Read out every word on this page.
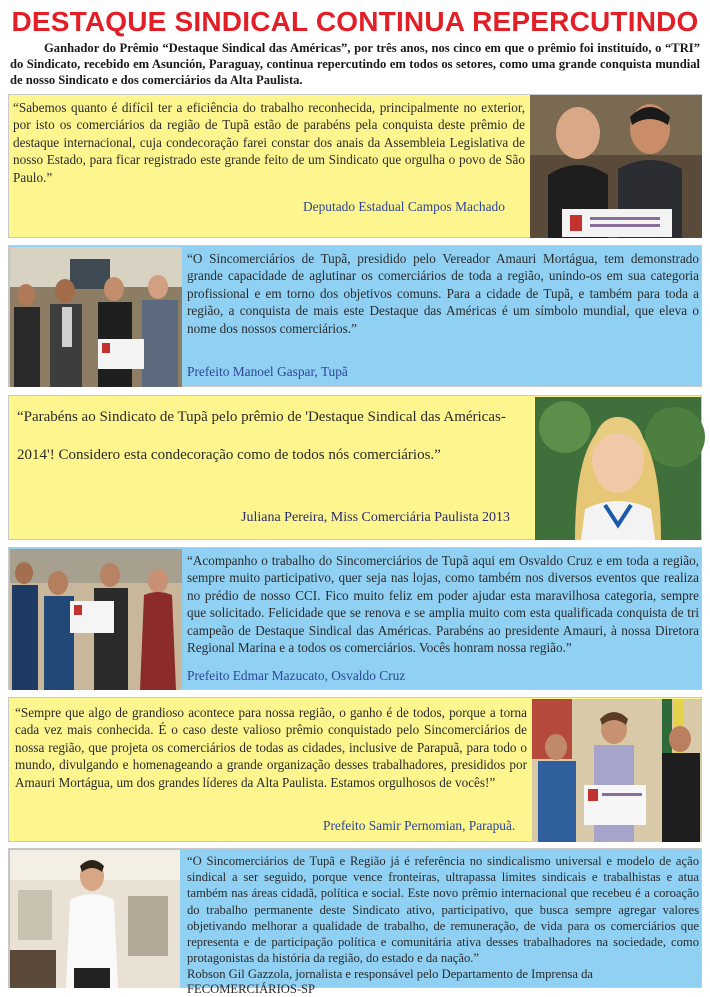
DESTAQUE SINDICAL CONTINUA REPERCUTINDO
Ganhador do Prêmio “Destaque Sindical das Américas”, por três anos, nos cinco em que o prêmio foi instituído, o “TRI” do Sindicato, recebido em Asunción, Paraguay, continua repercutindo em todos os setores, como uma grande conquista mundial de nosso Sindicato e dos comerciários da Alta Paulista.
“Sabemos quanto é difícil ter a eficiência do trabalho reconhecida, principalmente no exterior, por isto os comerciários da região de Tupã estão de parabéns pela conquista deste prêmio de destaque internacional, cuja condecoração farei constar dos anais da Assembleia Legislativa de nosso Estado, para ficar registrado este grande feito de um Sindicato que orgulha o povo de São Paulo.”
Deputado Estadual Campos Machado
“O Sincomerciários de Tupã, presidido pelo Vereador Amauri Mortágua, tem demonstrado grande capacidade de aglutinar os comerciários de toda a região, unindo-os em sua categoria profissional e em torno dos objetivos comuns. Para a cidade de Tupã, e também para toda a região, a conquista de mais este Destaque das Américas é um símbolo mundial, que eleva o nome dos nossos comerciários.”
Prefeito Manoel Gaspar, Tupã
“Parabéns ao Sindicato de Tupã pelo prêmio de 'Destaque Sindical das Américas-
2014'! Considero esta condecoração como de todos nós comerciários.”
Juliana Pereira, Miss Comerciária Paulista 2013
“Acompanho o trabalho do Sincomerciários de Tupã aqui em Osvaldo Cruz e em toda a região, sempre muito participativo, quer seja nas lojas, como também nos diversos eventos que realiza no prédio de nosso CCI. Fico muito feliz em poder ajudar esta maravilhosa categoria, sempre que solicitado. Felicidade que se renova e se amplia muito com esta qualificada conquista de tri campeão de Destaque Sindical das Américas. Parabéns ao presidente Amauri, à nossa Diretora Regional Marina e a todos os comerciários. Vocês honram nossa região.”
Prefeito Edmar Mazucato, Osvaldo Cruz
“Sempre que algo de grandioso acontece para nossa região, o ganho é de todos, porque a torna cada vez mais conhecida. É o caso deste valioso prêmio conquistado pelo Sincomerciários de nossa região, que projeta os comerciários de todas as cidades, inclusive de Parapuã, para todo o mundo, divulgando e homenageando a grande organização desses trabalhadores, presididos por Amauri Mortágua, um dos grandes líderes da Alta Paulista. Estamos orgulhosos de vocês!”
Prefeito Samir Pernomian, Parapuã.
“O Sincomerciários de Tupã e Região já é referência no sindicalismo universal e modelo de ação sindical a ser seguido, porque vence fronteiras, ultrapassa limites sindicais e trabalhistas e atua também nas áreas cidadã, política e social. Este novo prêmio internacional que recebeu é a coroação do trabalho permanente deste Sindicato ativo, participativo, que busca sempre agregar valores objetivando melhorar a qualidade de trabalho, de remuneração, de vida para os comerciários que representa e de participação política e comunitária ativa desses trabalhadores na sociedade, como protagonistas da história da região, do estado e da nação.”
Robson Gil Gazzola, jornalista e responsável pelo Departamento de Imprensa da FECOMERCIÁRIOS-SP
